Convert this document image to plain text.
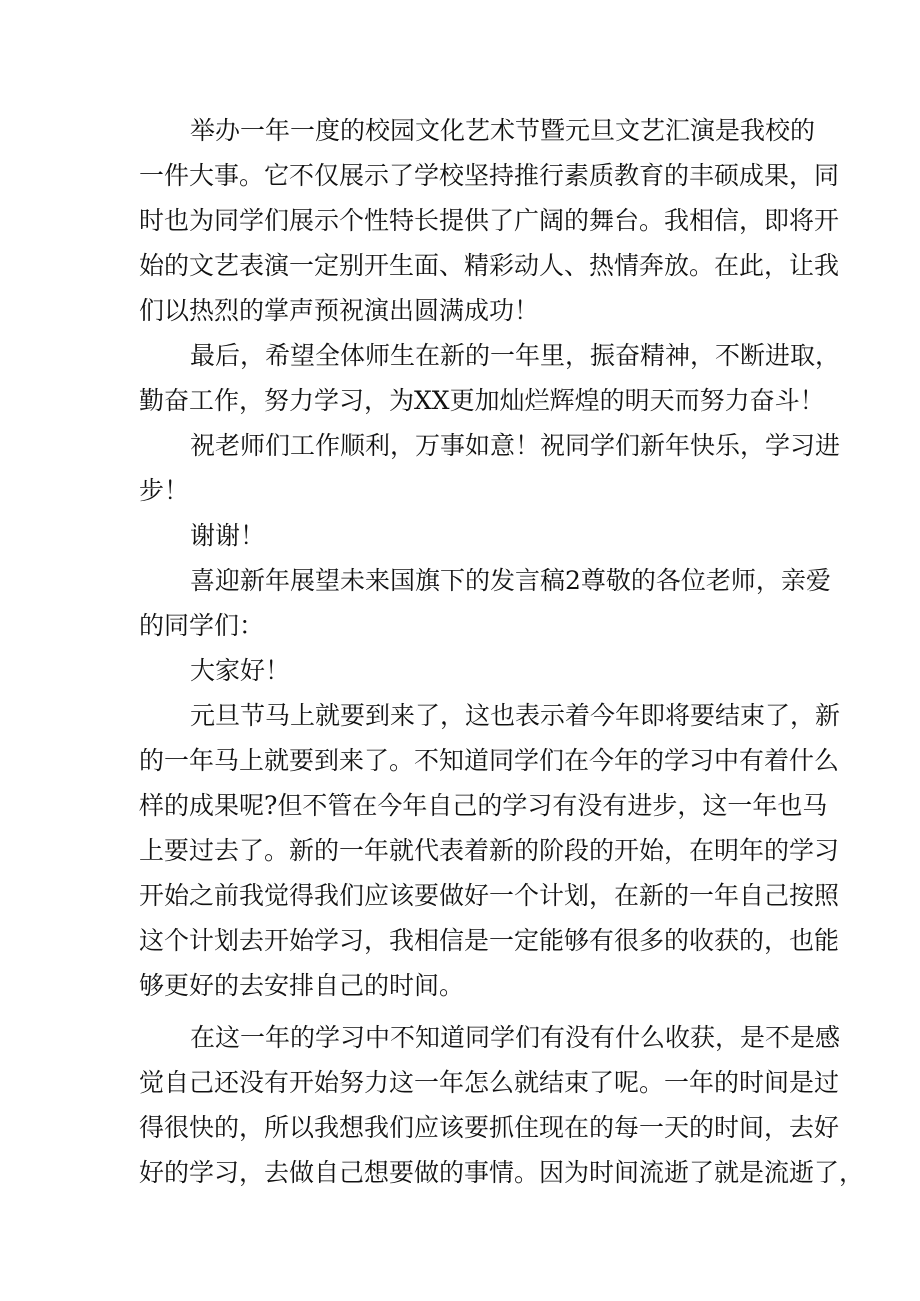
举办一年一度的校园文化艺术节暨元旦文艺汇演是我校的
一件大事。它不仅展示了学校坚持推行素质教育的丰硕成果，同
时也为同学们展示个性特长提供了广阔的舞台。我相信，即将开
始的文艺表演一定别开生面、精彩动人、热情奔放。在此，让我
们以热烈的掌声预祝演出圆满成功！
最后，希望全体师生在新的一年里，振奋精神，不断进取，
勤奋工作，努力学习，为XX更加灿烂辉煌的明天而努力奋斗！
祝老师们工作顺利，万事如意！祝同学们新年快乐，学习进
步！
谢谢！
喜迎新年展望未来国旗下的发言稿2尊敬的各位老师，亲爱
的同学们：
大家好！
元旦节马上就要到来了，这也表示着今年即将要结束了，新
的一年马上就要到来了。不知道同学们在今年的学习中有着什么
样的成果呢?但不管在今年自己的学习有没有进步，这一年也马
上要过去了。新的一年就代表着新的阶段的开始，在明年的学习
开始之前我觉得我们应该要做好一个计划，在新的一年自己按照
这个计划去开始学习，我相信是一定能够有很多的收获的，也能
够更好的去安排自己的时间。
在这一年的学习中不知道同学们有没有什么收获，是不是感
觉自己还没有开始努力这一年怎么就结束了呢。一年的时间是过
得很快的，所以我想我们应该要抓住现在的每一天的时间，去好
好的学习，去做自己想要做的事情。因为时间流逝了就是流逝了，
